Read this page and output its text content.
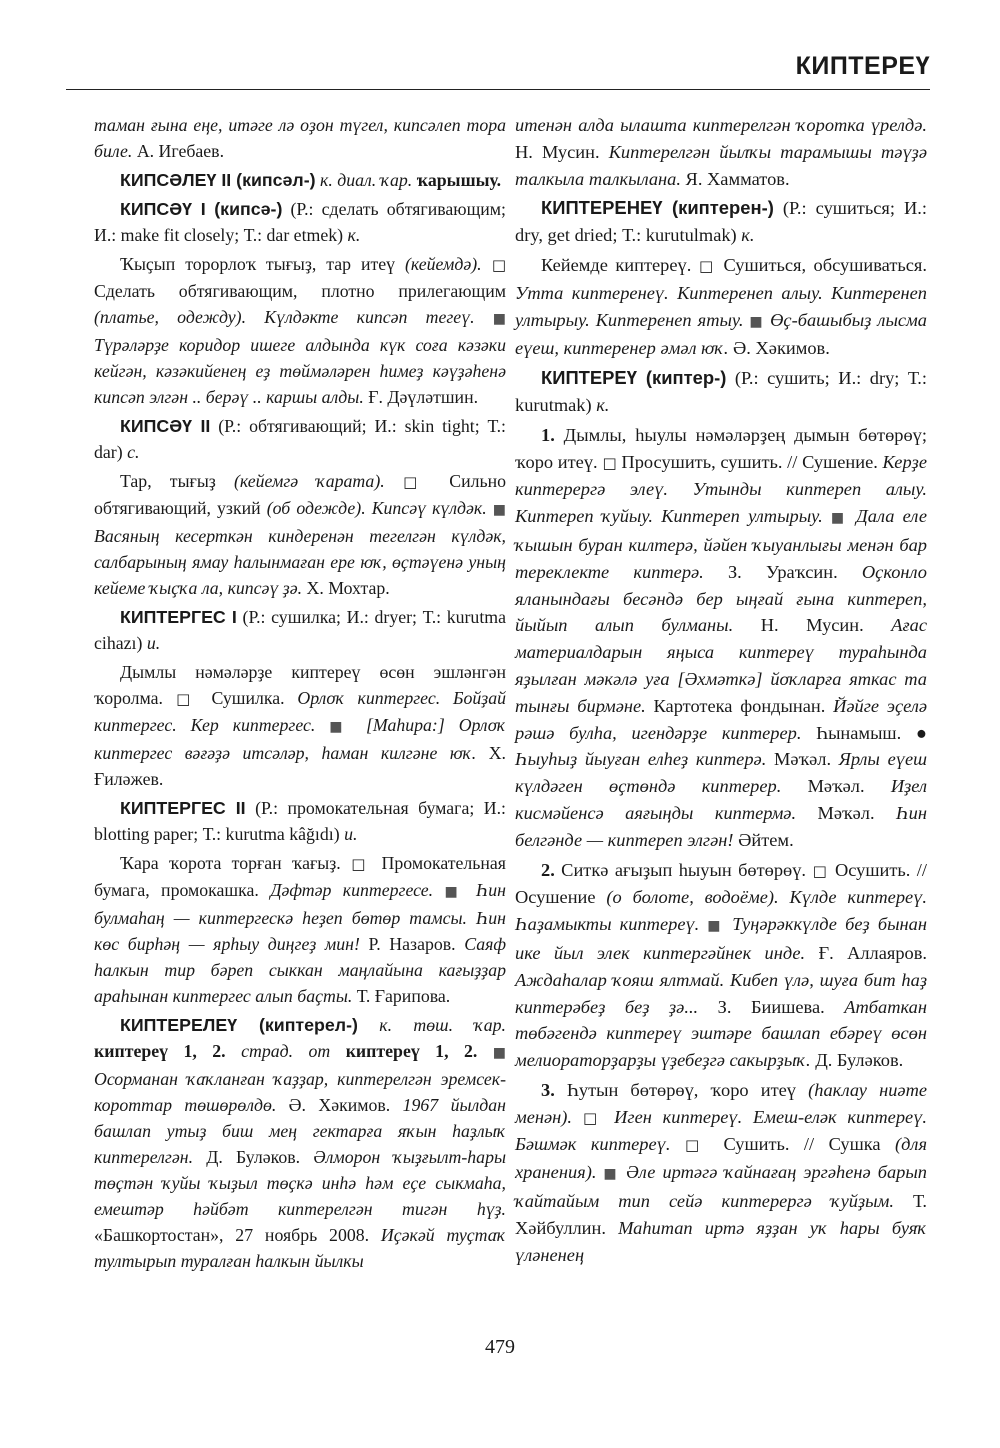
КИПТЕРЕҮ

таман ғына еңе, итәге лә оҙон түгел, кипсәлеп тора биле. А. Игебаев.

КИПСӘЛЕҮ II (кипсәл-) к. диал. ҡар. ҡарышыу.

КИПСӘҮ I (кипсә-) (Р.: сделать обтягивающим; И.: make fit closely; Т.: dar etmek) к.

Ҡыҫып торорлоҡ тығыҙ, тар итеү (кейемдә). □ Сделать обтягивающим, плотно прилегающим (платье, одежду). Күлдәкте кипсәп тегеү. ■ Түрәләрҙе коридор ишеге алдында күк соға кәзәки кейгән, кәзәкийенең еҙ төймәләрен һимеҙ кәүҙәһенә кипсәп элгән .. берәү .. каршы алды. Ғ. Дәүләтшин.

КИПСӘҮ II (Р.: обтягивающий; И.: skin tight; Т.: dar) с.

Тар, тығыҙ (кейемгә ҡарата). □ Сильно обтягивающий, узкий (об одежде). Кипсәү күлдәк. ■ Васяның кесерткән киндеренән тегелгән күлдәк, салбарының ямау һалынмаған ере юҡ, өҫтәүенә уның кейеме ҡыҫҡа ла, кипсәү ҙә. Х. Мохтар.

КИПТЕРГЕС I (Р.: сушилка; И.: dryer; Т.: kurutma cihazı) и.

Дымлы нәмәләрҙе киптереү өсөн эшләнгән ҡоролма. □ Сушилка. Орлоҡ киптергес. Бойҙай киптергес. Кер киптергес. ■ [Маһира:] Орлоҡ киптергес вәғәҙә итсәләр, һаман килгәне юҡ. Х. Ғиләжев.

КИПТЕРГЕС II (Р.: промокательная бумага; И.: blotting paper; Т.: kurutma kâğıdı) и.

Ҡара ҡорота торған ҡағыҙ. □ Промокательная бумага, промокашка. Дәфтәр киптергесе. ■ Һин булмаһаң — киптергескә һеҙеп бөтөр тамсы. Һин көс бирһәң — ярһыу диңгеҙ мин! Р. Назаров. Саяф һалкын тир бәреп сыккан маңлайына кағыҙҙар араһынан киптергес алып баҫты. Т. Ғарипова.

КИПТЕРЕЛЕҮ (киптерел-) к. төш. ҡар. киптереү 1, 2. страд. от киптереү 1, 2. ■ Осорманан ҡаҡланған ҡаҙҙар, киптерелгән эремсек-короттар төшөрөлдө. Ә. Хәкимов. 1967 йылдан башлап утыҙ биш мең гектарға яҡын һаҙлыҡ киптерелгән. Д. Буләков. Әлморон ҡыҙғылт-һары төҫтән ҡуйы ҡыҙыл төҫкә инһә һәм еҫе сыкмаһа, емештәр һәйбәт киптерелгән тигән һүҙ. «Башкортостан», 27 ноябрь 2008. Иҫәкәй туҫтаҡ тултырып туралған һалкын йылкы

итенән алда ылашта киптерелгән ҡоротка үрелдә. Н. Мусин. Киптерелгән йылҡы тарамышы тәүҙә талкыла талкылана. Я. Хамматов.

КИПТЕРЕНЕҮ (киптерен-) (Р.: сушиться; И.: dry, get dried; Т.: kurutulmak) к.

Кейемде киптереү. □ Сушиться, обсушиваться. Утта киптеренеү. Киптеренеп алыу. Киптеренеп ултырыу. Киптеренеп ятыу. ■ Өҫ-башыбыҙ лысма еүеш, киптеренер әмәл юҡ. Ә. Хәкимов.

КИПТЕРЕҮ (киптер-) (Р.: сушить; И.: dry; Т.: kurutmak) к.

1. Дымлы, һыулы нәмәләрҙең дымын бөтөрөү; ҡоро итеү. □ Просушить, сушить. // Сушение. Керҙе киптерергә элеү. Утынды киптереп алыу. Киптереп ҡуйыу. Киптереп ултырыу. ■ Дала еле ҡышын буран килтерә, йәйен ҡыуанлығы менән бар тереклекте киптерә. З. Ураҡсин. Оҫконло яланындағы бесәндә бер ыңғай ғына киптереп, йыйып алып булманы. Н. Мусин. Ағас материалдарын яңыса киптереү тураһында яҙылған мәкәлә уға [Әхмәткә] йоҡларға яткас та тынғы бирмәне. Картотека фондынан. Йәйге эҫелә рәшә булһа, игендәрҙе киптерер. Һынамыш. ● Һыуһыҙ йыуған елһеҙ киптерә. Мәҡәл. Ярлы еүеш күлдәген өҫтөндә киптерер. Мәҡәл. Иҙел кисмәйенсә аяғыңды киптермә. Мәҡәл. Һин белгәнде — киптереп элгән! Әйтем.

2. Ситкә ағыҙып һыуын бөтөрөү. □ Осушить. // Осушение (о болоте, водоёме). Күлде киптереү. Һаҙамыкты киптереү. ■ Туңәрәккүлде беҙ бынан ике йыл элек киптергәйнек инде. Ғ. Аллаяров. Аждаһалар ҡояш ялтмай. Кибеп үлә, шуға бит һаҙ киптерәбеҙ беҙ ҙә... З. Биишева. Атбаткан төбәгендә киптереү эштәре башлап ебәреү өсөн мелиораторҙарҙы үҙебеҙгә сакырҙыҡ. Д. Буләков.

3. Һутын бөтөрөү, ҡоро итеү (һаклау ниәте менән). □ Иген киптереү. Емеш-еләк киптереү. Бәшмәк киптереү. □ Сушить. // Сушка (для хранения). ■ Әле иртәгә ҡайнағаң эргәһенә барып ҡайтайым тип сейә киптерергә ҡуйҙым. Т. Хәйбуллин. Маһитап иртә яҙҙан уҡ һары буяҡ үләненең

479
